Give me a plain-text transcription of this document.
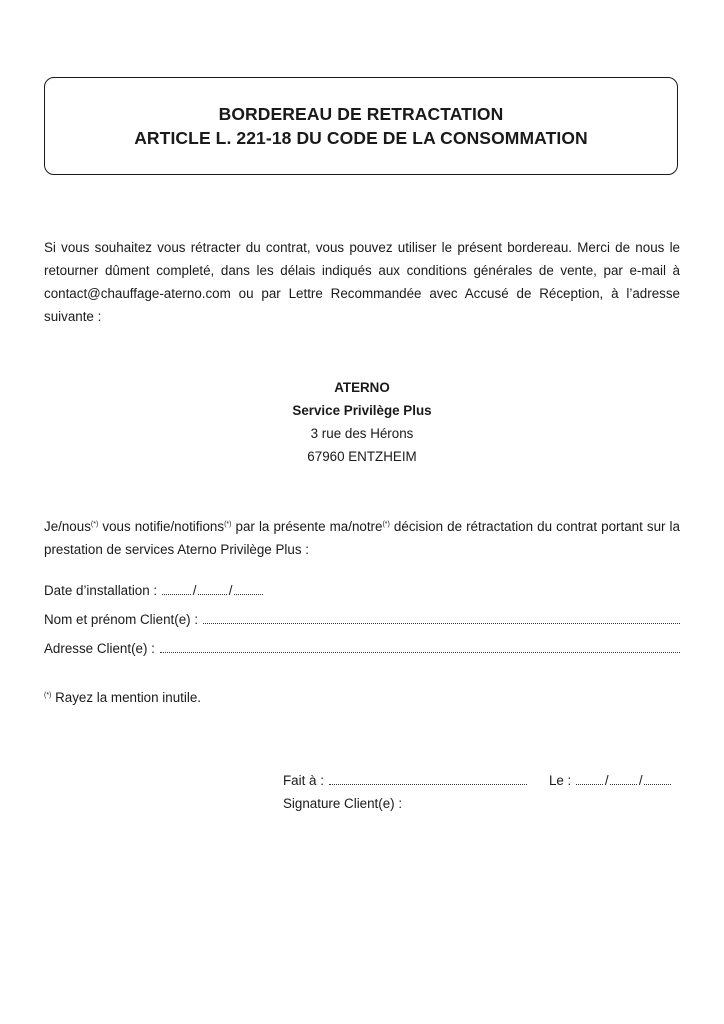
BORDEREAU DE RETRACTATION
ARTICLE L. 221-18 DU CODE DE LA CONSOMMATION

Si vous souhaitez vous rétracter du contrat, vous pouvez utiliser le présent bordereau. Merci de nous le retourner dûment completé, dans les délais indiqués aux conditions générales de vente, par e-mail à contact@chauffage-aterno.com ou par Lettre Recommandée avec Accusé de Réception, à l’adresse suivante :

ATERNO
Service Privilège Plus
3 rue des Hérons
67960 ENTZHEIM

Je/nous(*) vous notifie/notifions(*) par la présente ma/notre(*) décision de rétractation du contrat portant sur la prestation de services Aterno Privilège Plus :

Date d’installation :	/ /
Nom et prénom Client(e) :
Adresse Client(e) :
(*) Rayez la mention inutile.
Fait à :	Le :	/ /
Signature Client(e) :
